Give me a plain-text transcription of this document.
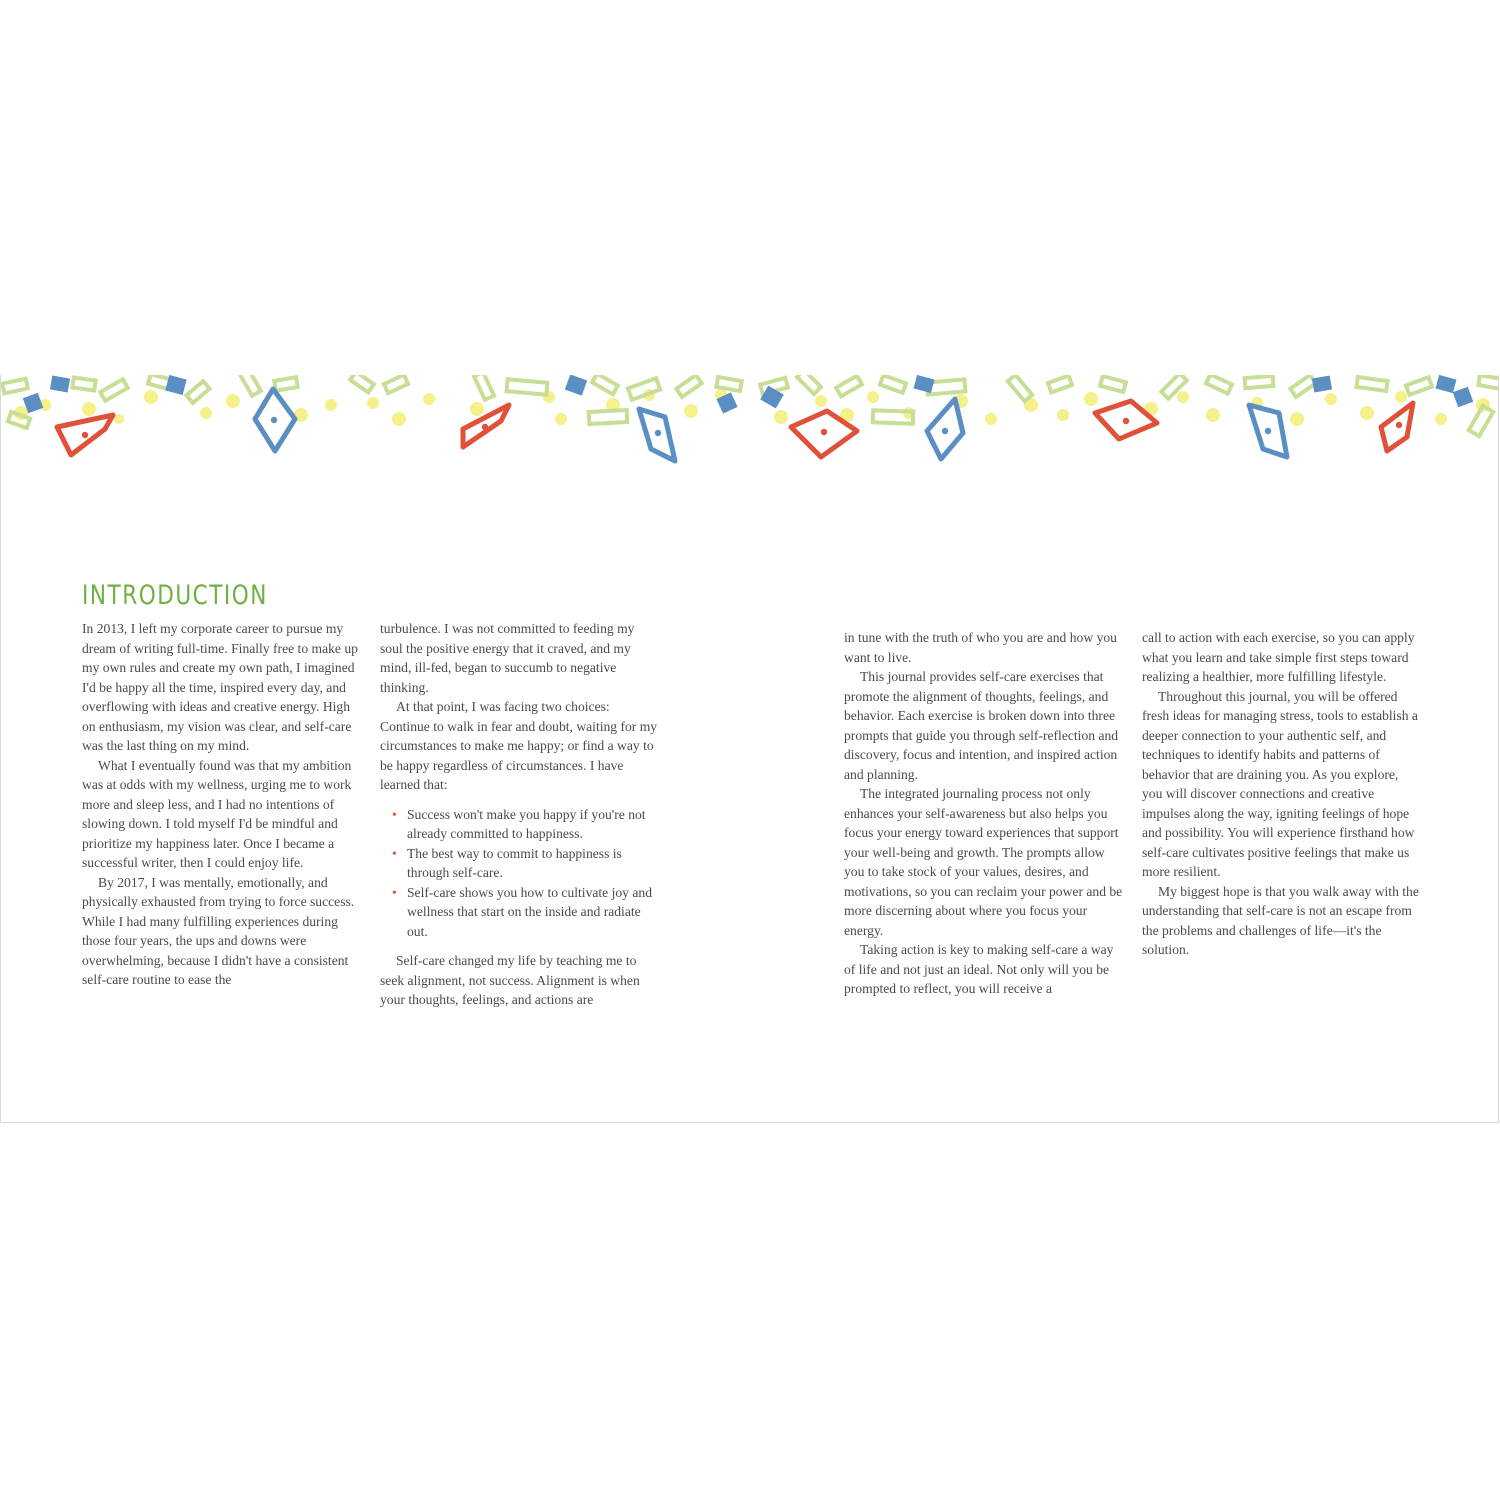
INTRODUCTION

In 2013, I left my corporate career to pursue my dream of writing full-time. Finally free to make up my own rules and create my own path, I imagined I'd be happy all the time, inspired every day, and overflowing with ideas and creative energy. High on enthusiasm, my vision was clear, and self-care was the last thing on my mind.

What I eventually found was that my ambition was at odds with my wellness, urging me to work more and sleep less, and I had no intentions of slowing down. I told myself I'd be mindful and prioritize my happiness later. Once I became a successful writer, then I could enjoy life.

By 2017, I was mentally, emotionally, and physically exhausted from trying to force success. While I had many fulfilling experiences during those four years, the ups and downs were overwhelming, because I didn't have a consistent self-care routine to ease the

turbulence. I was not committed to feeding my soul the positive energy that it craved, and my mind, ill-fed, began to succumb to negative thinking.

At that point, I was facing two choices: Continue to walk in fear and doubt, waiting for my circumstances to make me happy; or find a way to be happy regardless of circumstances. I have learned that:

• Success won't make you happy if you're not already committed to happiness.
• The best way to commit to happiness is through self-care.
• Self-care shows you how to cultivate joy and wellness that start on the inside and radiate out.

Self-care changed my life by teaching me to seek alignment, not success. Alignment is when your thoughts, feelings, and actions are

in tune with the truth of who you are and how you want to live.

This journal provides self-care exercises that promote the alignment of thoughts, feelings, and behavior. Each exercise is broken down into three prompts that guide you through self-reflection and discovery, focus and intention, and inspired action and planning.

The integrated journaling process not only enhances your self-awareness but also helps you focus your energy toward experiences that support your well-being and growth. The prompts allow you to take stock of your values, desires, and motivations, so you can reclaim your power and be more discerning about where you focus your energy.

Taking action is key to making self-care a way of life and not just an ideal. Not only will you be prompted to reflect, you will receive a

call to action with each exercise, so you can apply what you learn and take simple first steps toward realizing a healthier, more fulfilling lifestyle.

Throughout this journal, you will be offered fresh ideas for managing stress, tools to establish a deeper connection to your authentic self, and techniques to identify habits and patterns of behavior that are draining you. As you explore, you will discover connections and creative impulses along the way, igniting feelings of hope and possibility. You will experience firsthand how self-care cultivates positive feelings that make us more resilient.

My biggest hope is that you walk away with the understanding that self-care is not an escape from the problems and challenges of life—it's the solution.
